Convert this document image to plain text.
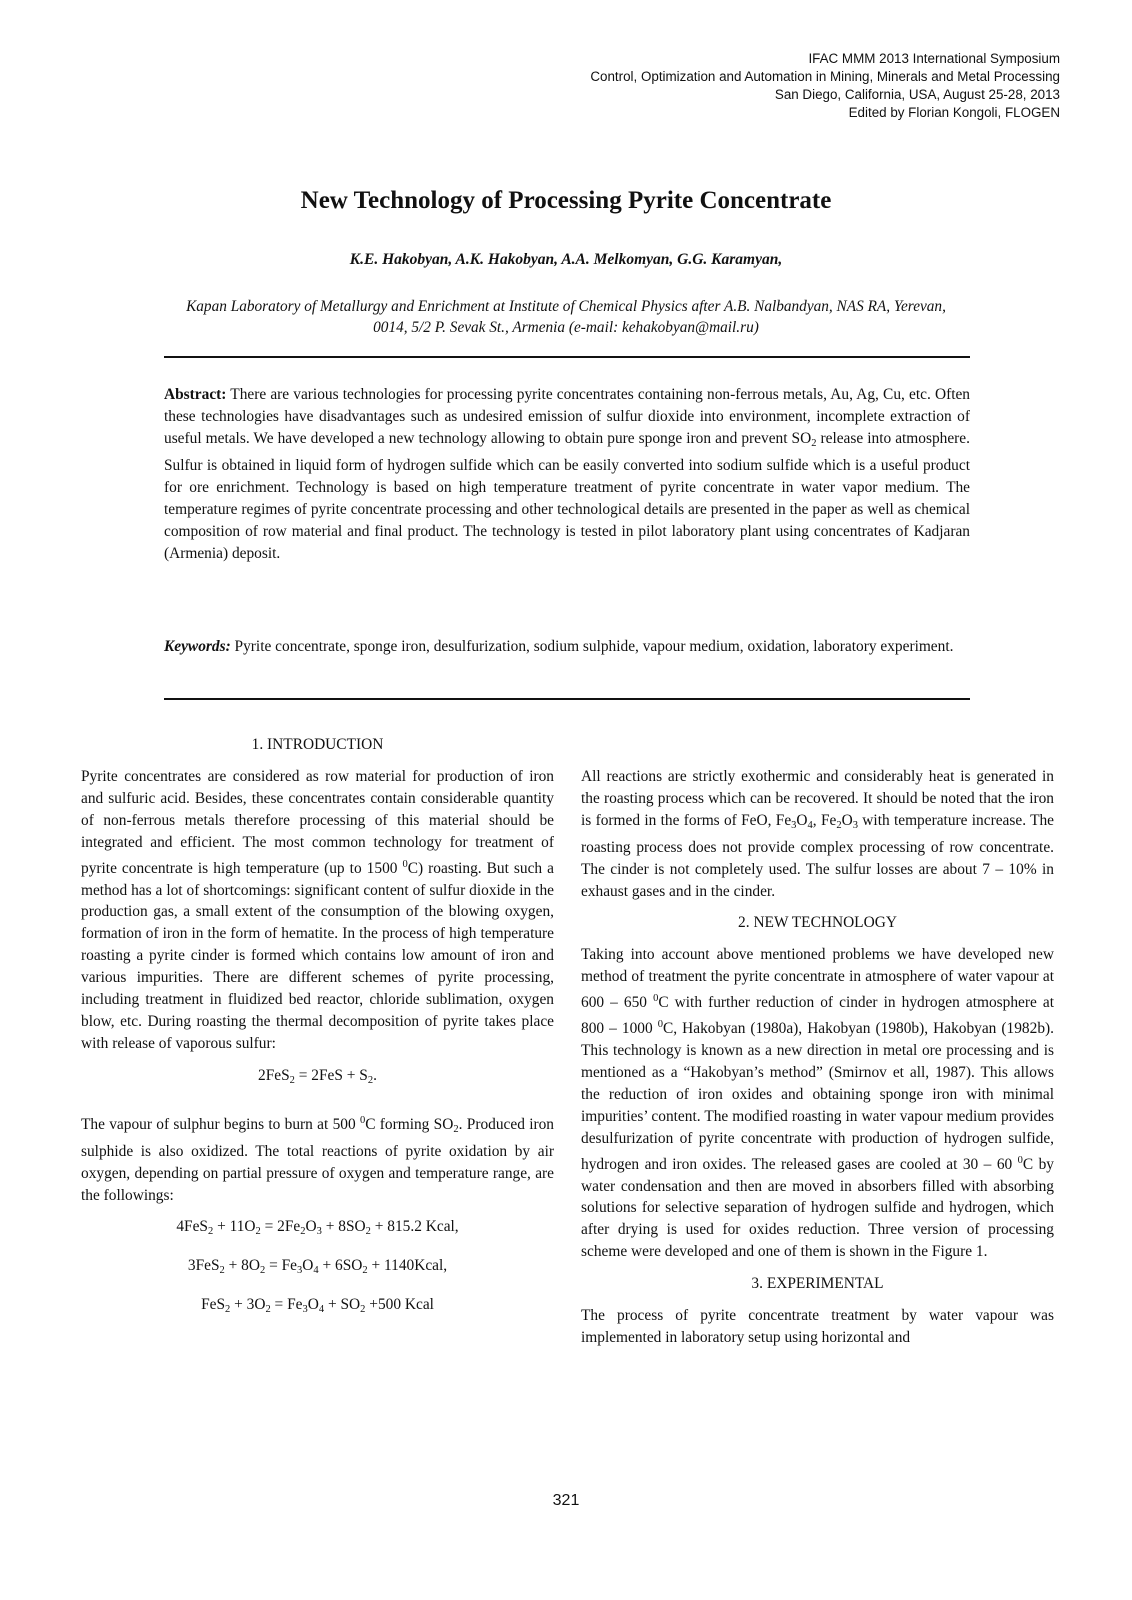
IFAC MMM 2013 International Symposium
Control, Optimization and Automation in Mining, Minerals and Metal Processing
San Diego, California, USA, August 25-28, 2013
Edited by Florian Kongoli, FLOGEN
New Technology of Processing Pyrite Concentrate
K.E. Hakobyan, A.K. Hakobyan, A.A. Melkomyan, G.G. Karamyan,
Kapan Laboratory of Metallurgy and Enrichment at Institute of Chemical Physics after A.B. Nalbandyan, NAS RA, Yerevan,
0014, 5/2 P. Sevak St., Armenia (e-mail: kehakobyan@mail.ru)
Abstract: There are various technologies for processing pyrite concentrates containing non-ferrous metals, Au, Ag, Cu, etc. Often these technologies have disadvantages such as undesired emission of sulfur dioxide into environment, incomplete extraction of useful metals. We have developed a new technology allowing to obtain pure sponge iron and prevent $SO_2$ release into atmosphere. Sulfur is obtained in liquid form of hydrogen sulfide which can be easily converted into sodium sulfide which is a useful product for ore enrichment. Technology is based on high temperature treatment of pyrite concentrate in water vapor medium. The temperature regimes of pyrite concentrate processing and other technological details are presented in the paper as well as chemical composition of row material and final product. The technology is tested in pilot laboratory plant using concentrates of Kadjaran (Armenia) deposit.
Keywords: Pyrite concentrate, sponge iron, desulfurization, sodium sulphide, vapour medium, oxidation, laboratory experiment.
1. INTRODUCTION

Pyrite concentrates are considered as row material for production of iron and sulfuric acid. Besides, these concentrates contain considerable quantity of non-ferrous metals therefore processing of this material should be integrated and efficient. The most common technology for treatment of pyrite concentrate is high temperature (up to 1500 $^0$C) roasting. But such a method has a lot of shortcomings: significant content of sulfur dioxide in the production gas, a small extent of the consumption of the blowing oxygen, formation of iron in the form of hematite. In the process of high temperature roasting a pyrite cinder is formed which contains low amount of iron and various impurities. There are different schemes of pyrite processing, including treatment in fluidized bed reactor, chloride sublimation, oxygen blow, etc. During roasting the thermal decomposition of pyrite takes place with release of vaporous sulfur:

$2FeS_2 = 2FeS + S_2$.

The vapour of sulphur begins to burn at 500 $^0$C forming $SO_2$. Produced iron sulphide is also oxidized. The total reactions of pyrite oxidation by air oxygen, depending on partial pressure of oxygen and temperature range, are the followings:

$4FeS_2 + 11O_2 = 2Fe_2O_3 + 8SO_2 + 815.2$ Kcal,
$3FeS_2 + 8O_2 = Fe_3O_4 + 6SO_2$ + 1140Kcal,
$FeS_2 + 3O_2 = Fe_3O_4 + SO_2 +500$ Kcal

All reactions are strictly exothermic and considerably heat is generated in the roasting process which can be recovered. It should be noted that the iron is formed in the forms of FeO, $Fe_3O_4$, $Fe_2O_3$ with temperature increase. The roasting process does not provide complex processing of row concentrate. The cinder is not completely used. The sulfur losses are about 7 – 10% in exhaust gases and in the cinder.

2. NEW TECHNOLOGY

Taking into account above mentioned problems we have developed new method of treatment the pyrite concentrate in atmosphere of water vapour at 600 – 650 $^0$C with further reduction of cinder in hydrogen atmosphere at 800 – 1000 $^0$C, Hakobyan (1980a), Hakobyan (1980b), Hakobyan (1982b). This technology is known as a new direction in metal ore processing and is mentioned as a “Hakobyan’s method” (Smirnov et all, 1987). This allows the reduction of iron oxides and obtaining sponge iron with minimal impurities’ content. The modified roasting in water vapour medium provides desulfurization of pyrite concentrate with production of hydrogen sulfide, hydrogen and iron oxides. The released gases are cooled at 30 – 60 $^0$C by water condensation and then are moved in absorbers filled with absorbing solutions for selective separation of hydrogen sulfide and hydrogen, which after drying is used for oxides reduction. Three version of processing scheme were developed and one of them is shown in the Figure 1.

3. EXPERIMENTAL

The process of pyrite concentrate treatment by water vapour was implemented in laboratory setup using horizontal and

321
